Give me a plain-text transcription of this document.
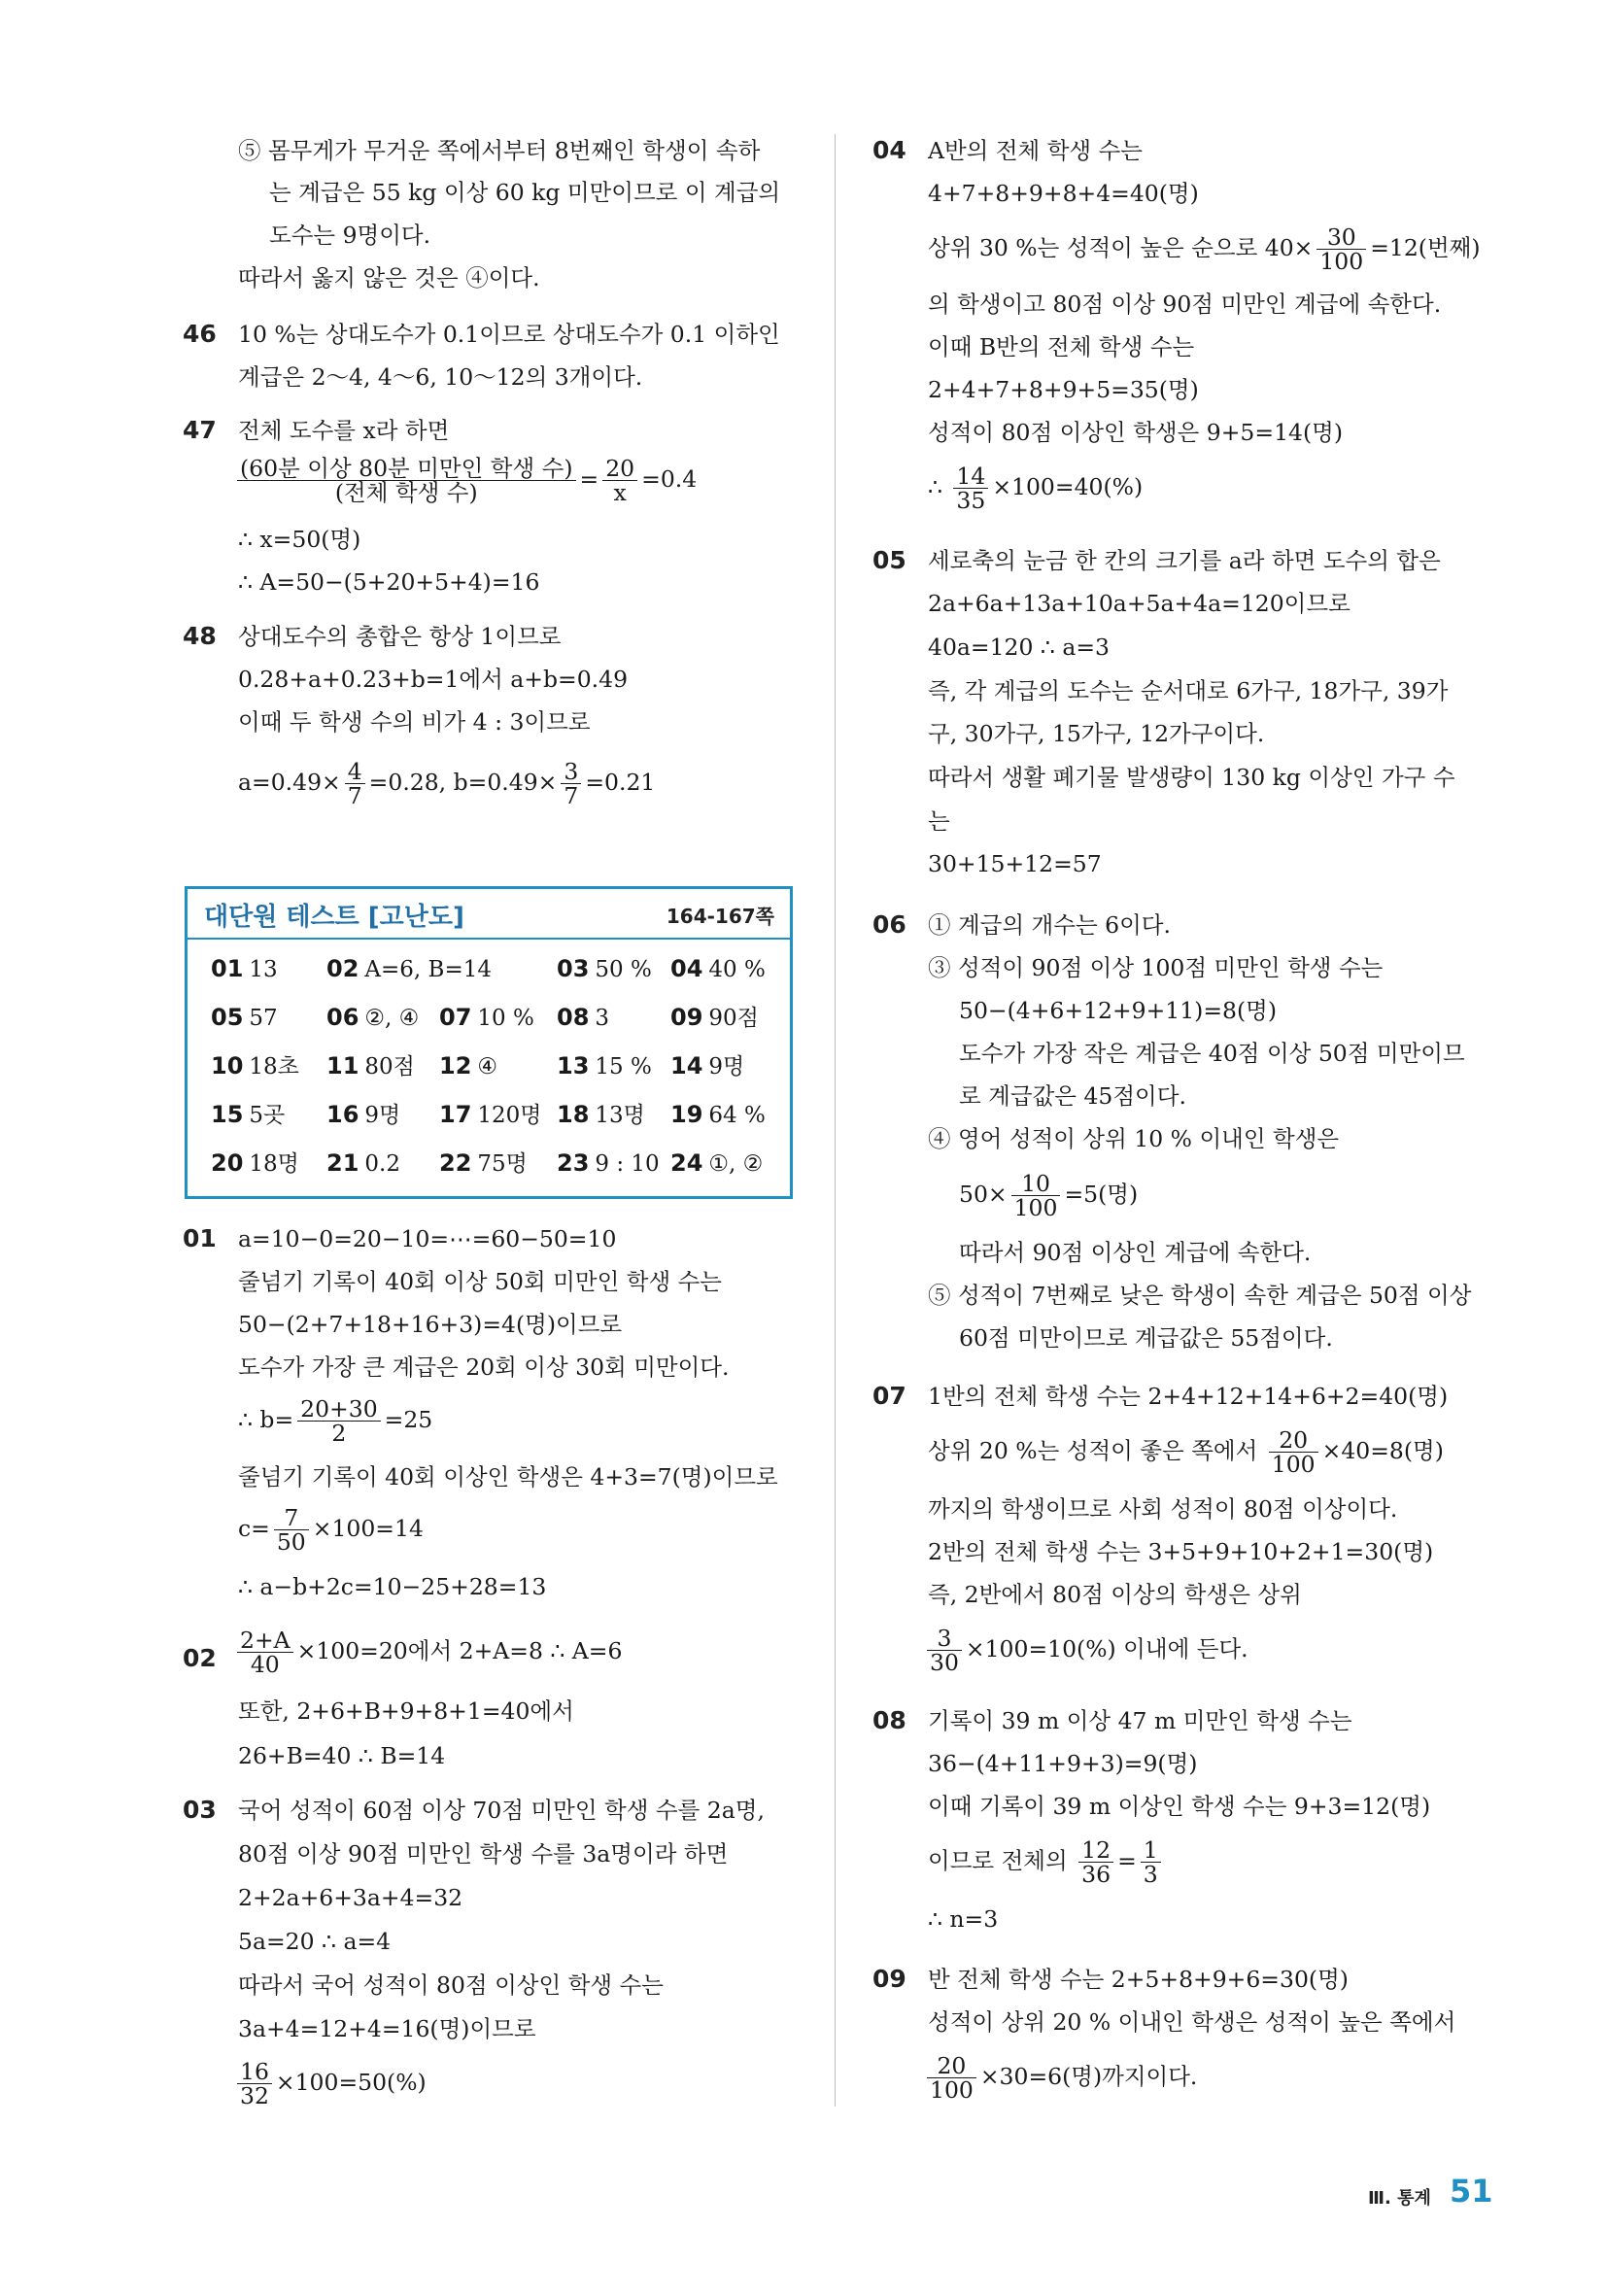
⑤ 몸무게가 무거운 쪽에서부터 8번째인 학생이 속하
는 계급은 55 kg 이상 60 kg 미만이므로 이 계급의
도수는 9명이다.
따라서 옳지 않은 것은 ④이다.
46 10 %는 상대도수가 0.1이므로 상대도수가 0.1 이하인
계급은 2～4, 4～6, 10～12의 3개이다.
47 전체 도수를 x라 하면
$\frac{\text{(60분 이상 80분 미만인 학생 수)}}{\text{(전체 학생 수)}} = \frac{20}{x} =0.4$
∴ x=50(명)
∴ A=50−(5+20+5+4)=16
48 상대도수의 총합은 항상 1이므로
0.28+a+0.23+b=1에서 a+b=0.49
이때 두 학생 수의 비가 4 : 3이므로
$a=0.49\times \frac{4}{7} =0.28$, $b=0.49\times \frac{3}{7} =0.21$
대단원 테스트 [고난도]	164-167쪽
01 13 02 A=6, B=14	03 50 % 04 40 %
05 57 06 ②, ④ 07 10 % 08 3	09 90점
10 18초 11 80점 12 ④	13 15 % 14 9명
15 5곳 16 9명 17 120명 18 13명 19 64 %
20 18명 21 0.2 22 75명 23 9 : 10 24 ①, ②
01 a=10−0=20−10=⋯=60−50=10
줄넘기 기록이 40회 이상 50회 미만인 학생 수는
50−(2+7+18+16+3)=4(명)이므로
도수가 가장 큰 계급은 20회 이상 30회 미만이다.
∴ $b= \frac{20+30}{2} =25$
줄넘기 기록이 40회 이상인 학생은 4+3=7(명)이므로
$c= \frac{7}{50} \times 100=14$
∴ a−b+2c=10−25+28=13
$02 \frac{2+A}{40} \times 100=20$에서 2+A=8 ∴ A=6
또한, 2+6+B+9+8+1=40에서
26+B=40 ∴ B=14
03 국어 성적이 60점 이상 70점 미만인 학생 수를 2a명,
80점 이상 90점 미만인 학생 수를 3a명이라 하면
2+2a+6+3a+4=32
5a=20 ∴ a=4
따라서 국어 성적이 80점 이상인 학생 수는
3a+4=12+4=16(명)이므로
$\frac{16}{32} \times 100=50(\%)$
04 A반의 전체 학생 수는
4+7+8+9+8+4=40(명)
상위 30 %는 성적이 높은 순으로 $40\times \frac{30}{100} =12$(번째)
의 학생이고 80점 이상 90점 미만인 계급에 속한다.
이때 B반의 전체 학생 수는
2+4+7+8+9+5=35(명)
성적이 80점 이상인 학생은 9+5=14(명)
∴ $\frac{14}{35} \times 100=40(\%)$
05 세로축의 눈금 한 칸의 크기를 a라 하면 도수의 합은
2a+6a+13a+10a+5a+4a=120이므로
40a=120 ∴ a=3
즉, 각 계급의 도수는 순서대로 6가구, 18가구, 39가
구, 30가구, 15가구, 12가구이다.
따라서 생활 폐기물 발생량이 130 kg 이상인 가구 수
는
30+15+12=57
06 ① 계급의 개수는 6이다.
③ 성적이 90점 이상 100점 미만인 학생 수는
50−(4+6+12+9+11)=8(명)
도수가 가장 작은 계급은 40점 이상 50점 미만이므
로 계급값은 45점이다.
④ 영어 성적이 상위 10 % 이내인 학생은
$50\times \frac{10}{100} =5$(명)
따라서 90점 이상인 계급에 속한다.
⑤ 성적이 7번째로 낮은 학생이 속한 계급은 50점 이상
60점 미만이므로 계급값은 55점이다.
07 1반의 전체 학생 수는 2+4+12+14+6+2=40(명)
상위 20 %는 성적이 좋은 쪽에서 $\frac{20}{100} \times 40=8$(명)
까지의 학생이므로 사회 성적이 80점 이상이다.
2반의 전체 학생 수는 3+5+9+10+2+1=30(명)
즉, 2반에서 80점 이상의 학생은 상위
$\frac{3}{30} \times 100=10(\%)$ 이내에 든다.
08 기록이 39 m 이상 47 m 미만인 학생 수는
36−(4+11+9+3)=9(명)
이때 기록이 39 m 이상인 학생 수는 9+3=12(명)
이므로 전체의 $\frac{12}{36} = \frac{1}{3}$
∴ n=3
09 반 전체 학생 수는 2+5+8+9+6=30(명)
성적이 상위 20 % 이내인 학생은 성적이 높은 쪽에서
$\frac{20}{100} \times 30=6$(명)까지이다.
Ⅲ. 통계 51
